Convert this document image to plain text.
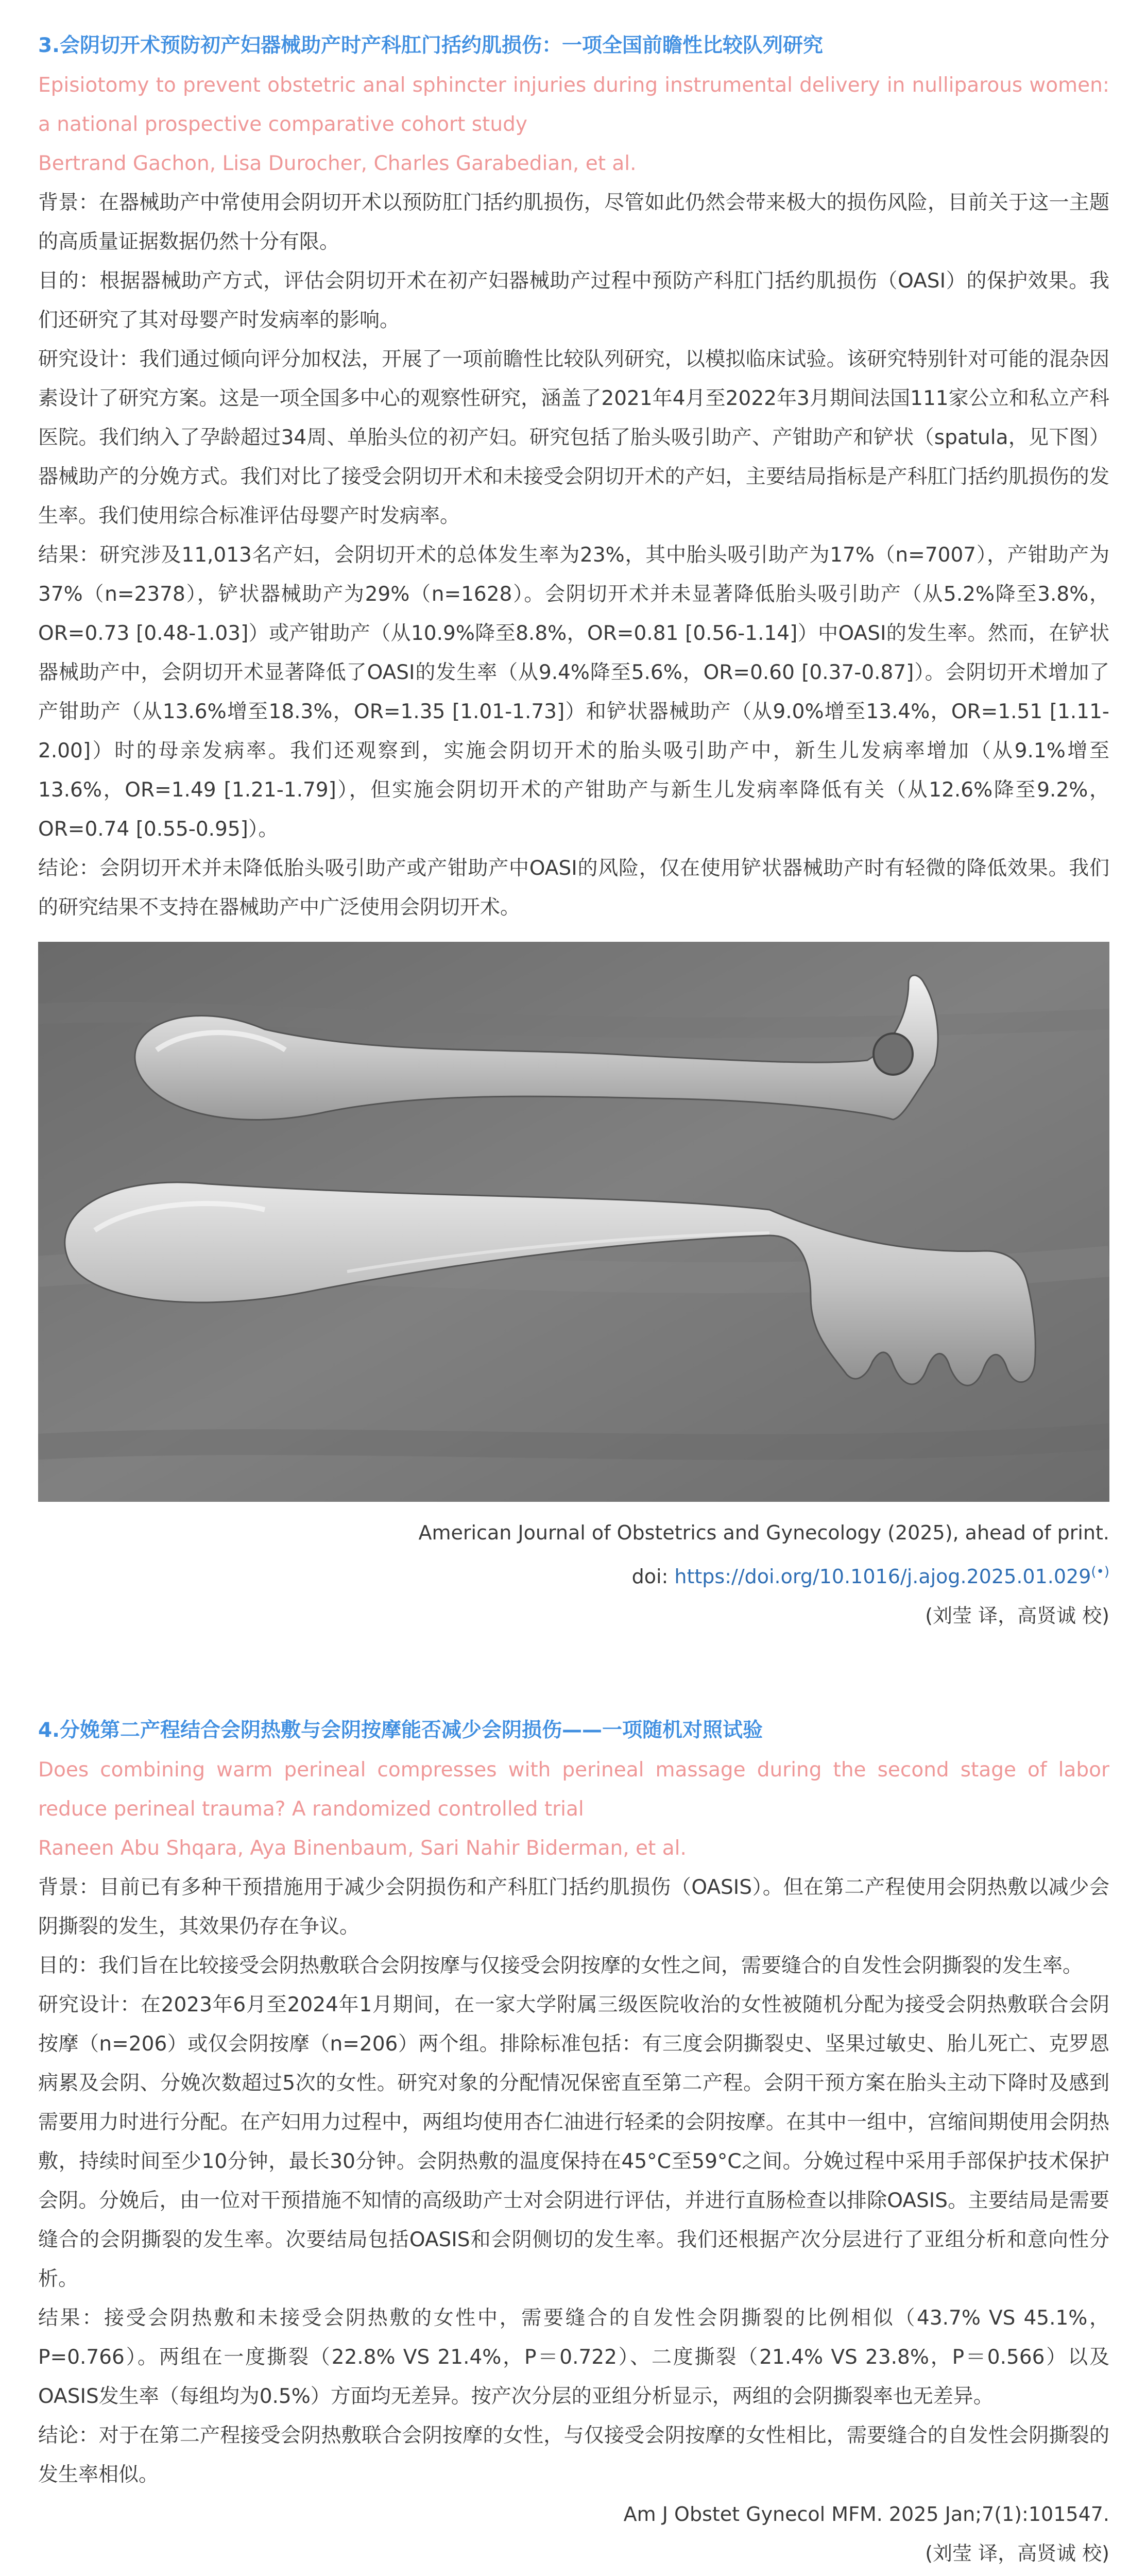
3.会阴切开术预防初产妇器械助产时产科肛门括约肌损伤：一项全国前瞻性比较队列研究

Episiotomy to prevent obstetric anal sphincter injuries during instrumental delivery in nulliparous women: a national prospective comparative cohort study

Bertrand Gachon, Lisa Durocher, Charles Garabedian, et al.

背景：在器械助产中常使用会阴切开术以预防肛门括约肌损伤，尽管如此仍然会带来极大的损伤风险，目前关于这一主题的高质量证据数据仍然十分有限。

目的：根据器械助产方式，评估会阴切开术在初产妇器械助产过程中预防产科肛门括约肌损伤（OASI）的保护效果。我们还研究了其对母婴产时发病率的影响。

研究设计：我们通过倾向评分加权法，开展了一项前瞻性比较队列研究，以模拟临床试验。该研究特别针对可能的混杂因素设计了研究方案。这是一项全国多中心的观察性研究，涵盖了2021年4月至2022年3月期间法国111家公立和私立产科医院。我们纳入了孕龄超过34周、单胎头位的初产妇。研究包括了胎头吸引助产、产钳助产和铲状（spatula，见下图）器械助产的分娩方式。我们对比了接受会阴切开术和未接受会阴切开术的产妇，主要结局指标是产科肛门括约肌损伤的发生率。我们使用综合标准评估母婴产时发病率。

结果：研究涉及11,013名产妇，会阴切开术的总体发生率为23%，其中胎头吸引助产为17%（n=7007），产钳助产为37%（n=2378），铲状器械助产为29%（n=1628）。会阴切开术并未显著降低胎头吸引助产（从5.2%降至3.8%，OR=0.73 [0.48-1.03]）或产钳助产（从10.9%降至8.8%，OR=0.81 [0.56-1.14]）中OASI的发生率。然而，在铲状器械助产中，会阴切开术显著降低了OASI的发生率（从9.4%降至5.6%，OR=0.60 [0.37-0.87]）。会阴切开术增加了产钳助产（从13.6%增至18.3%，OR=1.35 [1.01-1.73]）和铲状器械助产（从9.0%增至13.4%，OR=1.51 [1.11-2.00]）时的母亲发病率。我们还观察到，实施会阴切开术的胎头吸引助产中，新生儿发病率增加（从9.1%增至13.6%，OR=1.49 [1.21-1.79]），但实施会阴切开术的产钳助产与新生儿发病率降低有关（从12.6%降至9.2%，OR=0.74 [0.55-0.95]）。

结论：会阴切开术并未降低胎头吸引助产或产钳助产中OASI的风险，仅在使用铲状器械助产时有轻微的降低效果。我们的研究结果不支持在器械助产中广泛使用会阴切开术。

American Journal of Obstetrics and Gynecology (2025), ahead of print.

doi: https://doi.org/10.1016/j.ajog.2025.01.029(•)

(刘莹 译，高贤诚 校)

4.分娩第二产程结合会阴热敷与会阴按摩能否减少会阴损伤——一项随机对照试验

Does combining warm perineal compresses with perineal massage during the second stage of labor reduce perineal trauma? A randomized controlled trial

Raneen Abu Shqara, Aya Binenbaum, Sari Nahir Biderman, et al.

背景：目前已有多种干预措施用于减少会阴损伤和产科肛门括约肌损伤（OASIS）。但在第二产程使用会阴热敷以减少会阴撕裂的发生，其效果仍存在争议。

目的：我们旨在比较接受会阴热敷联合会阴按摩与仅接受会阴按摩的女性之间，需要缝合的自发性会阴撕裂的发生率。

研究设计：在2023年6月至2024年1月期间，在一家大学附属三级医院收治的女性被随机分配为接受会阴热敷联合会阴按摩（n=206）或仅会阴按摩（n=206）两个组。排除标准包括：有三度会阴撕裂史、坚果过敏史、胎儿死亡、克罗恩病累及会阴、分娩次数超过5次的女性。研究对象的分配情况保密直至第二产程。会阴干预方案在胎头主动下降时及感到需要用力时进行分配。在产妇用力过程中，两组均使用杏仁油进行轻柔的会阴按摩。在其中一组中，宫缩间期使用会阴热敷，持续时间至少10分钟，最长30分钟。会阴热敷的温度保持在45°C至59°C之间。分娩过程中采用手部保护技术保护会阴。分娩后，由一位对干预措施不知情的高级助产士对会阴进行评估，并进行直肠检查以排除OASIS。主要结局是需要缝合的会阴撕裂的发生率。次要结局包括OASIS和会阴侧切的发生率。我们还根据产次分层进行了亚组分析和意向性分析。

结果：接受会阴热敷和未接受会阴热敷的女性中，需要缝合的自发性会阴撕裂的比例相似（43.7% VS 45.1%，P=0.766）。两组在一度撕裂（22.8% VS 21.4%，P＝0.722）、二度撕裂（21.4% VS 23.8%，P＝0.566）以及OASIS发生率（每组均为0.5%）方面均无差异。按产次分层的亚组分析显示，两组的会阴撕裂率也无差异。

结论：对于在第二产程接受会阴热敷联合会阴按摩的女性，与仅接受会阴按摩的女性相比，需要缝合的自发性会阴撕裂的发生率相似。

Am J Obstet Gynecol MFM. 2025 Jan;7(1):101547.

(刘莹 译，高贤诚 校)
